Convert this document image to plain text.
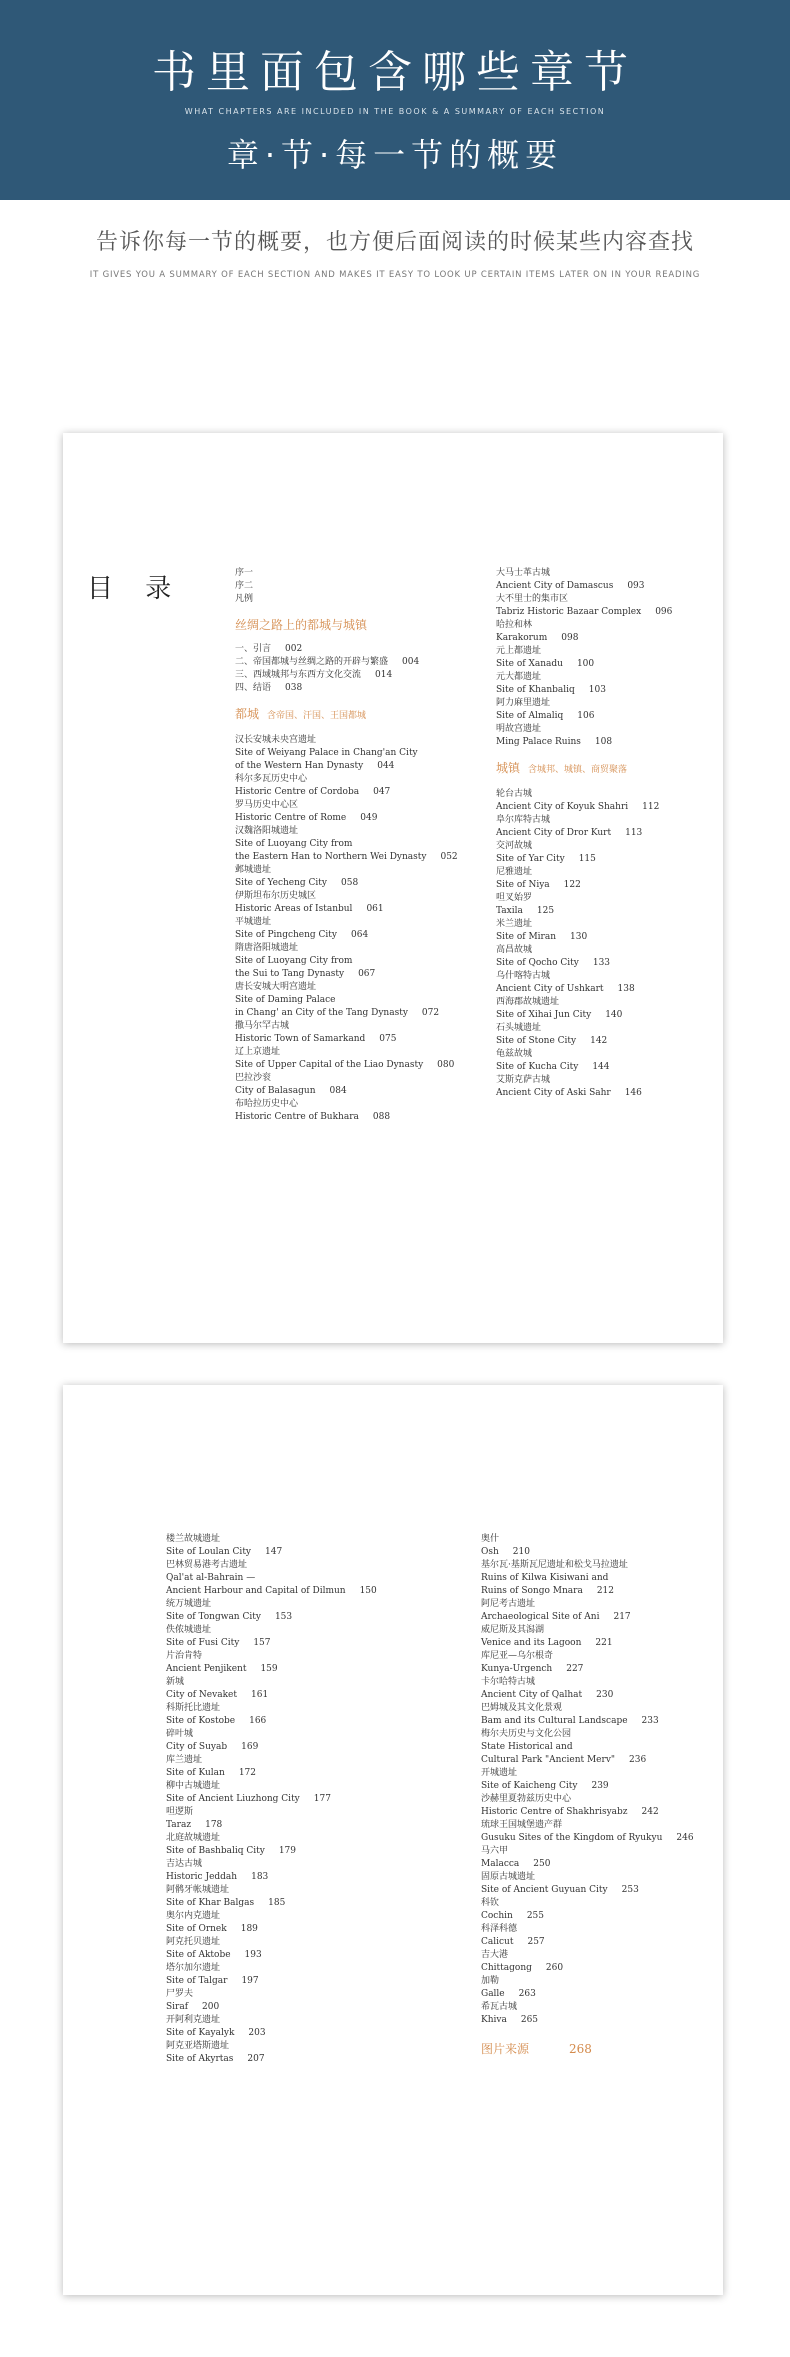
书里面包含哪些章节
WHAT CHAPTERS ARE INCLUDED IN THE BOOK & A SUMMARY OF EACH SECTION
章·节·每一节的概要
告诉你每一节的概要，也方便后面阅读的时候某些内容查找
IT GIVES YOU A SUMMARY OF EACH SECTION AND MAKES IT EASY TO LOOK UP CERTAIN ITEMS LATER ON IN YOUR READING
目 录
序一
序二
凡例
丝绸之路上的都城与城镇
一、引言 002
二、帝国都城与丝绸之路的开辟与繁盛 004
三、西域城邦与东西方文化交流 014
四、结语 038
都城 含帝国、汗国、王国都城
汉长安城未央宫遗址
Site of Weiyang Palace in Chang'an City
of the Western Han Dynasty 044
科尔多瓦历史中心
Historic Centre of Cordoba 047
罗马历史中心区
Historic Centre of Rome 049
汉魏洛阳城遗址
Site of Luoyang City from
the Eastern Han to Northern Wei Dynasty 052
邺城遗址
Site of Yecheng City 058
伊斯坦布尔历史城区
Historic Areas of Istanbul 061
平城遗址
Site of Pingcheng City 064
隋唐洛阳城遗址
Site of Luoyang City from
the Sui to Tang Dynasty 067
唐长安城大明宫遗址
Site of Daming Palace
in Chang' an City of the Tang Dynasty 072
撒马尔罕古城
Historic Town of Samarkand 075
辽上京遗址
Site of Upper Capital of the Liao Dynasty 080
巴拉沙衮
City of Balasagun 084
布哈拉历史中心
Historic Centre of Bukhara 088
大马士革古城
Ancient City of Damascus 093
大不里士的集市区
Tabriz Historic Bazaar Complex 096
哈拉和林
Karakorum 098
元上都遗址
Site of Xanadu 100
元大都遗址
Site of Khanbaliq 103
阿力麻里遗址
Site of Almaliq 106
明故宫遗址
Ming Palace Ruins 108
城镇 含城邦、城镇、商贸聚落
轮台古城
Ancient City of Koyuk Shahri 112
阜尔库特古城
Ancient City of Dror Kurt 113
交河故城
Site of Yar City 115
尼雅遗址
Site of Niya 122
呾叉始罗
Taxila 125
米兰遗址
Site of Miran 130
高昌故城
Site of Qocho City 133
乌什喀特古城
Ancient City of Ushkart 138
西海郡故城遗址
Site of Xihai Jun City 140
石头城遗址
Site of Stone City 142
龟兹故城
Site of Kucha City 144
艾斯克萨古城
Ancient City of Aski Sahr 146
楼兰故城遗址
Site of Loulan City 147
巴林贸易港考古遗址
Qal'at al-Bahrain —
Ancient Harbour and Capital of Dilmun 150
统万城遗址
Site of Tongwan City 153
佚侬城遗址
Site of Fusi City 157
片治肯特
Ancient Penjikent 159
新城
City of Nevaket 161
科斯托比遗址
Site of Kostobe 166
碎叶城
City of Suyab 169
库兰遗址
Site of Kulan 172
柳中古城遗址
Site of Ancient Liuzhong City 177
呾逻斯
Taraz 178
北庭故城遗址
Site of Bashbaliq City 179
吉达古城
Historic Jeddah 183
阿鹘牙帐城遗址
Site of Khar Balgas 185
奥尔内克遗址
Site of Ornek 189
阿克托贝遗址
Site of Aktobe 193
塔尔加尔遗址
Site of Talgar 197
尸罗夫
Siraf 200
开阿利克遗址
Site of Kayalyk 203
阿克亚塔斯遗址
Site of Akyrtas 207
奥什
Osh 210
基尔瓦·基斯瓦尼遗址和松戈马拉遗址
Ruins of Kilwa Kisiwani and
Ruins of Songo Mnara 212
阿尼考古遗址
Archaeological Site of Ani 217
威尼斯及其潟湖
Venice and its Lagoon 221
库尼亚—乌尔根奇
Kunya-Urgench 227
卡尔哈特古城
Ancient City of Qalhat 230
巴姆城及其文化景观
Bam and its Cultural Landscape 233
梅尔夫历史与文化公园
State Historical and
Cultural Park "Ancient Merv" 236
开城遗址
Site of Kaicheng City 239
沙赫里夏勃兹历史中心
Historic Centre of Shakhrisyabz 242
琉球王国城堡遗产群
Gusuku Sites of the Kingdom of Ryukyu 246
马六甲
Malacca 250
固原古城遗址
Site of Ancient Guyuan City 253
科钦
Cochin 255
科泽科德
Calicut 257
吉大港
Chittagong 260
加勒
Galle 263
希瓦古城
Khiva 265
图片来源	268
